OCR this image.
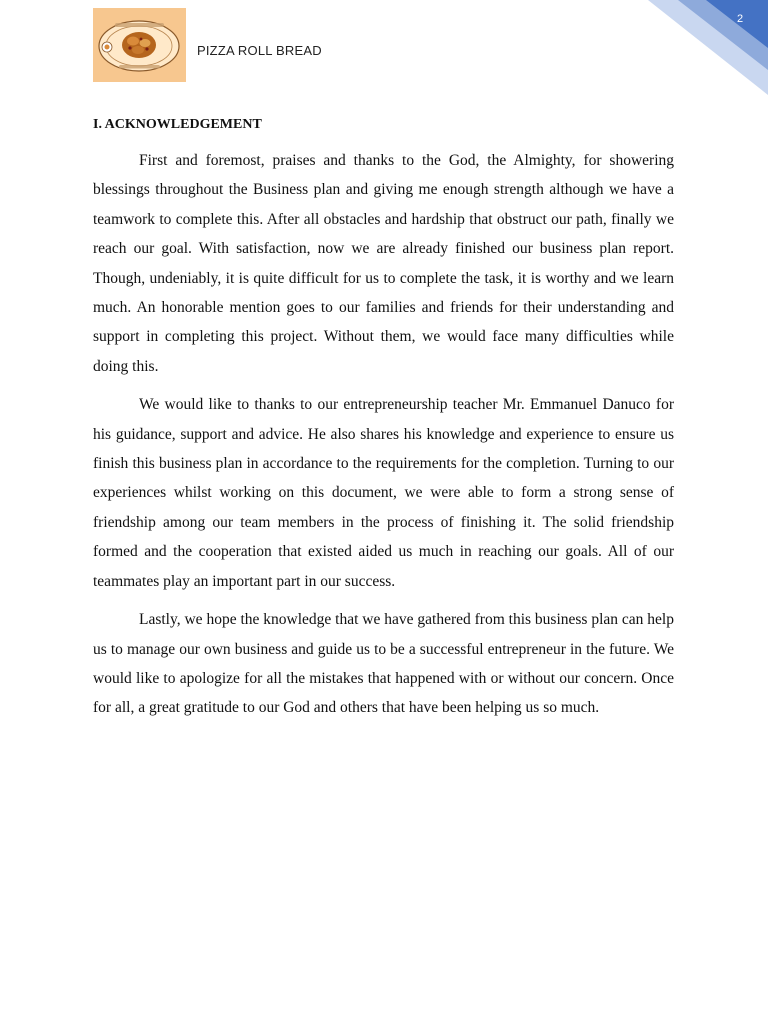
2
PIZZA ROLL BREAD
I. ACKNOWLEDGEMENT

First and foremost, praises and thanks to the God, the Almighty, for showering blessings throughout the Business plan and giving me enough strength although we have a teamwork to complete this. After all obstacles and hardship that obstruct our path, finally we reach our goal. With satisfaction, now we are already finished our business plan report. Though, undeniably, it is quite difficult for us to complete the task, it is worthy and we learn much. An honorable mention goes to our families and friends for their understanding and support in completing this project. Without them, we would face many difficulties while doing this.

We would like to thanks to our entrepreneurship teacher Mr. Emmanuel Danuco for his guidance, support and advice. He also shares his knowledge and experience to ensure us finish this business plan in accordance to the requirements for the completion. Turning to our experiences whilst working on this document, we were able to form a strong sense of friendship among our team members in the process of finishing it. The solid friendship formed and the cooperation that existed aided us much in reaching our goals. All of our teammates play an important part in our success.

Lastly, we hope the knowledge that we have gathered from this business plan can help us to manage our own business and guide us to be a successful entrepreneur in the future. We would like to apologize for all the mistakes that happened with or without our concern. Once for all, a great gratitude to our God and others that have been helping us so much.
